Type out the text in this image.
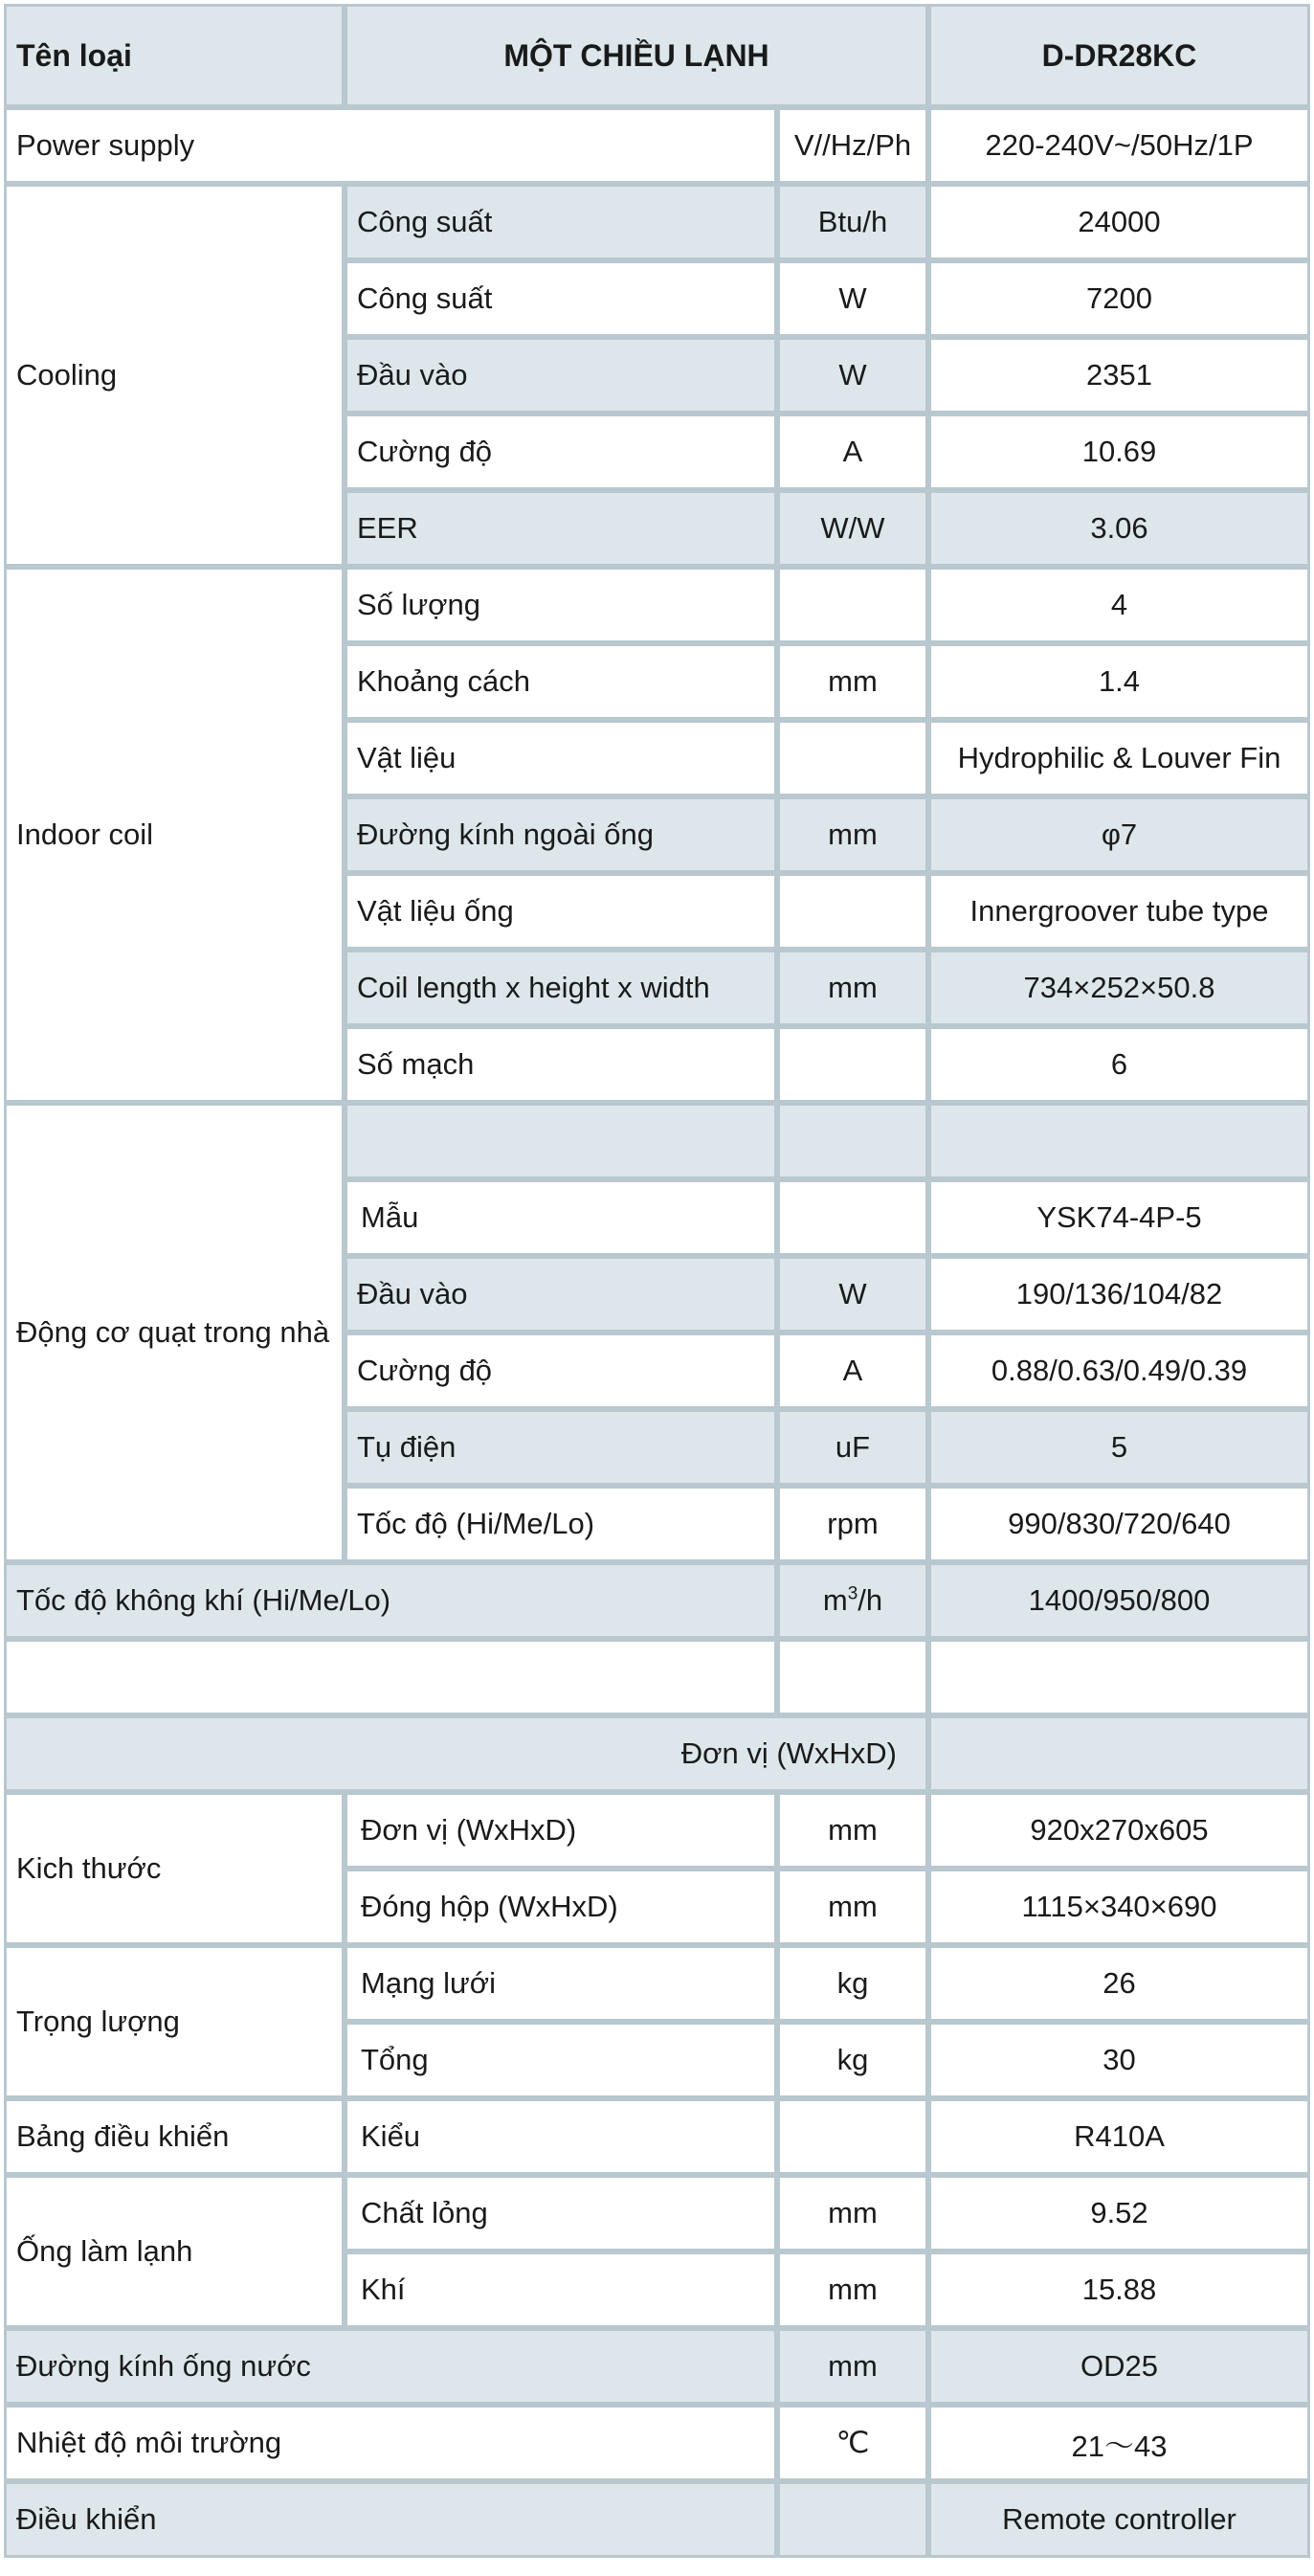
Tên loại	MỘT CHIỀU LẠNH		D-DR28KC
Power supply		V//Hz/Ph	220-240V~/50Hz/1P
Cooling	Công suất	Btu/h	24000
	Công suất	W	7200
	Đầu vào	W	2351
	Cường độ	A	10.69
	EER	W/W	3.06
Indoor coil	Số lượng		4
	Khoảng cách	mm	1.4
	Vật liệu		Hydrophilic & Louver Fin
	Đường kính ngoài ống	mm	φ7
	Vật liệu ống		Innergroover tube type
	Coil length x height x width	mm	734×252×50.8
	Số mạch		6
Động cơ quạt trong nhà			
	Mẫu		YSK74-4P-5
	Đầu vào	W	190/136/104/82
	Cường độ	A	0.88/0.63/0.49/0.39
	Tụ điện	uF	5
	Tốc độ (Hi/Me/Lo)	rpm	990/830/720/640
Tốc độ không khí (Hi/Me/Lo)		$m^3/h$	1400/950/800

Đơn vị (WxHxD)			
Kich thước	Đơn vị (WxHxD)	mm	920x270x605
	Đóng hộp (WxHxD)	mm	1115×340×690
Trọng lượng	Mạng lưới	kg	26
	Tổng	kg	30
Bảng điều khiển	Kiểu		R410A
Ống làm lạnh	Chất lỏng	mm	9.52
	Khí	mm	15.88
Đường kính ống nước		mm	OD25
Nhiệt độ môi trường		℃	21～43
Điều khiển			Remote controller
